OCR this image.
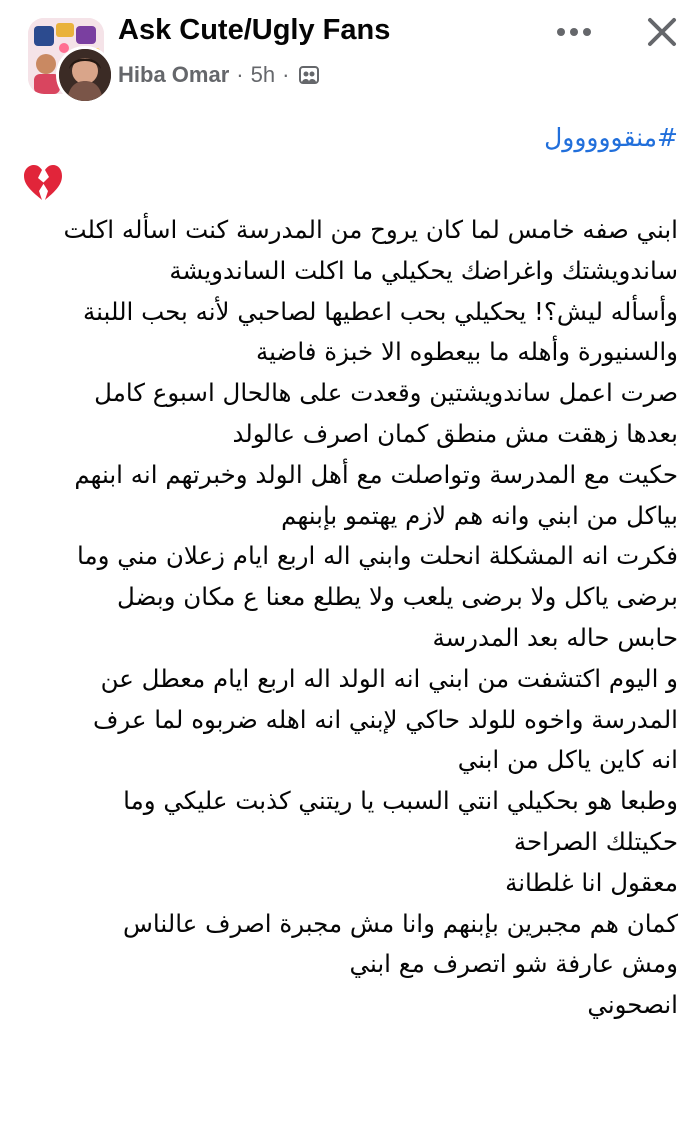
Ask Cute/Ugly Fans
Hiba Omar · 5h ·
#منقووووول
ابني صفه خامس لما كان يروح من المدرسة كنت اسأله اكلت
ساندويشتك واغراضك يحكيلي ما اكلت الساندويشة
وأسأله ليش؟! يحكيلي بحب اعطيها لصاحبي لأنه بحب اللبنة
والسنيورة وأهله ما بيعطوه الا خبزة فاضية
صرت اعمل ساندويشتين وقعدت على هالحال اسبوع كامل
بعدها زهقت مش منطق كمان اصرف عالولد
حكيت مع المدرسة وتواصلت مع أهل الولد وخبرتهم انه ابنهم
بياكل من ابني وانه هم لازم يهتمو بإبنهم
فكرت انه المشكلة انحلت وابني اله اربع ايام زعلان مني وما
برضى ياكل ولا برضى يلعب ولا يطلع معنا ع مكان وبضل
حابس حاله بعد المدرسة
و اليوم اكتشفت من ابني انه الولد اله اربع ايام معطل عن
المدرسة واخوه للولد حاكي لإبني انه اهله ضربوه لما عرف
انه كاين ياكل من ابني
وطبعا هو بحكيلي انتي السبب يا ريتني كذبت عليكي وما
حكيتلك الصراحة
معقول انا غلطانة
كمان هم مجبرين بإبنهم وانا مش مجبرة اصرف عالناس
ومش عارفة شو اتصرف مع ابني
انصحوني
